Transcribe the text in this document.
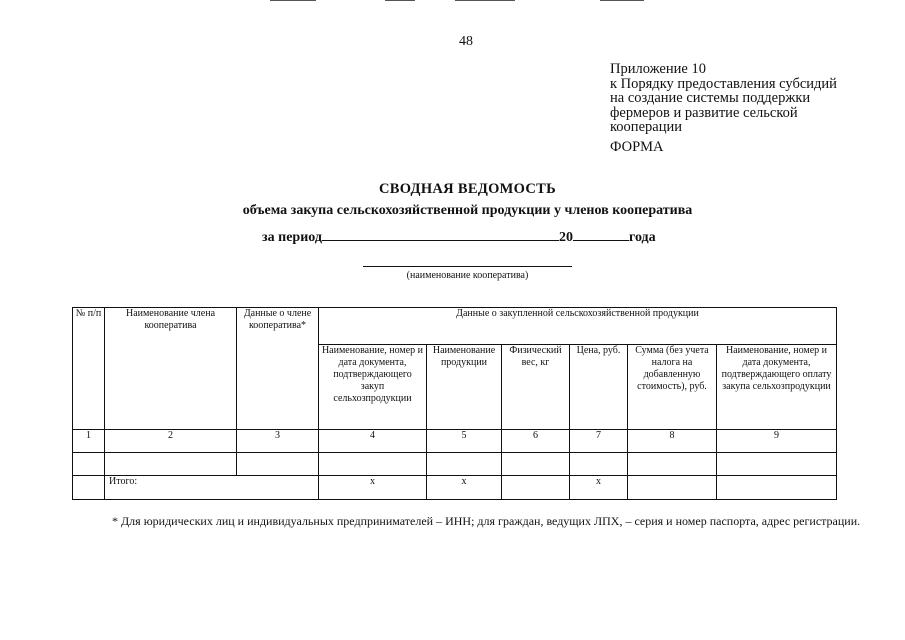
48
Приложение 10
к Порядку предоставления субсидий
на создание системы поддержки
фермеров и развитие сельской
кооперации
ФОРМА
СВОДНАЯ ВЕДОМОСТЬ
объема закупа сельскохозяйственной продукции у членов кооператива
за период	20	года
(наименование кооператива)
№ п/п	Наименование члена кооператива	Данные о члене кооператива*	Данные о закупленной сельскохозяйственной продукции					
			Наименование, номер и дата документа, подтверждающего закуп сельхозпродукции	Наименование продукции	Физический вес, кг	Цена, руб.	Сумма (без учета налога на добавленную стоимость), руб.	Наименование, номер и дата документа, подтверждающего оплату закупа сельхозпродукции
1	2	3	4	5	6	7	8	9

	Итого:		х	х		х		
* Для юридических лиц и индивидуальных предпринимателей – ИНН; для граждан, ведущих ЛПХ, – серия и номер паспорта, адрес регистрации.
